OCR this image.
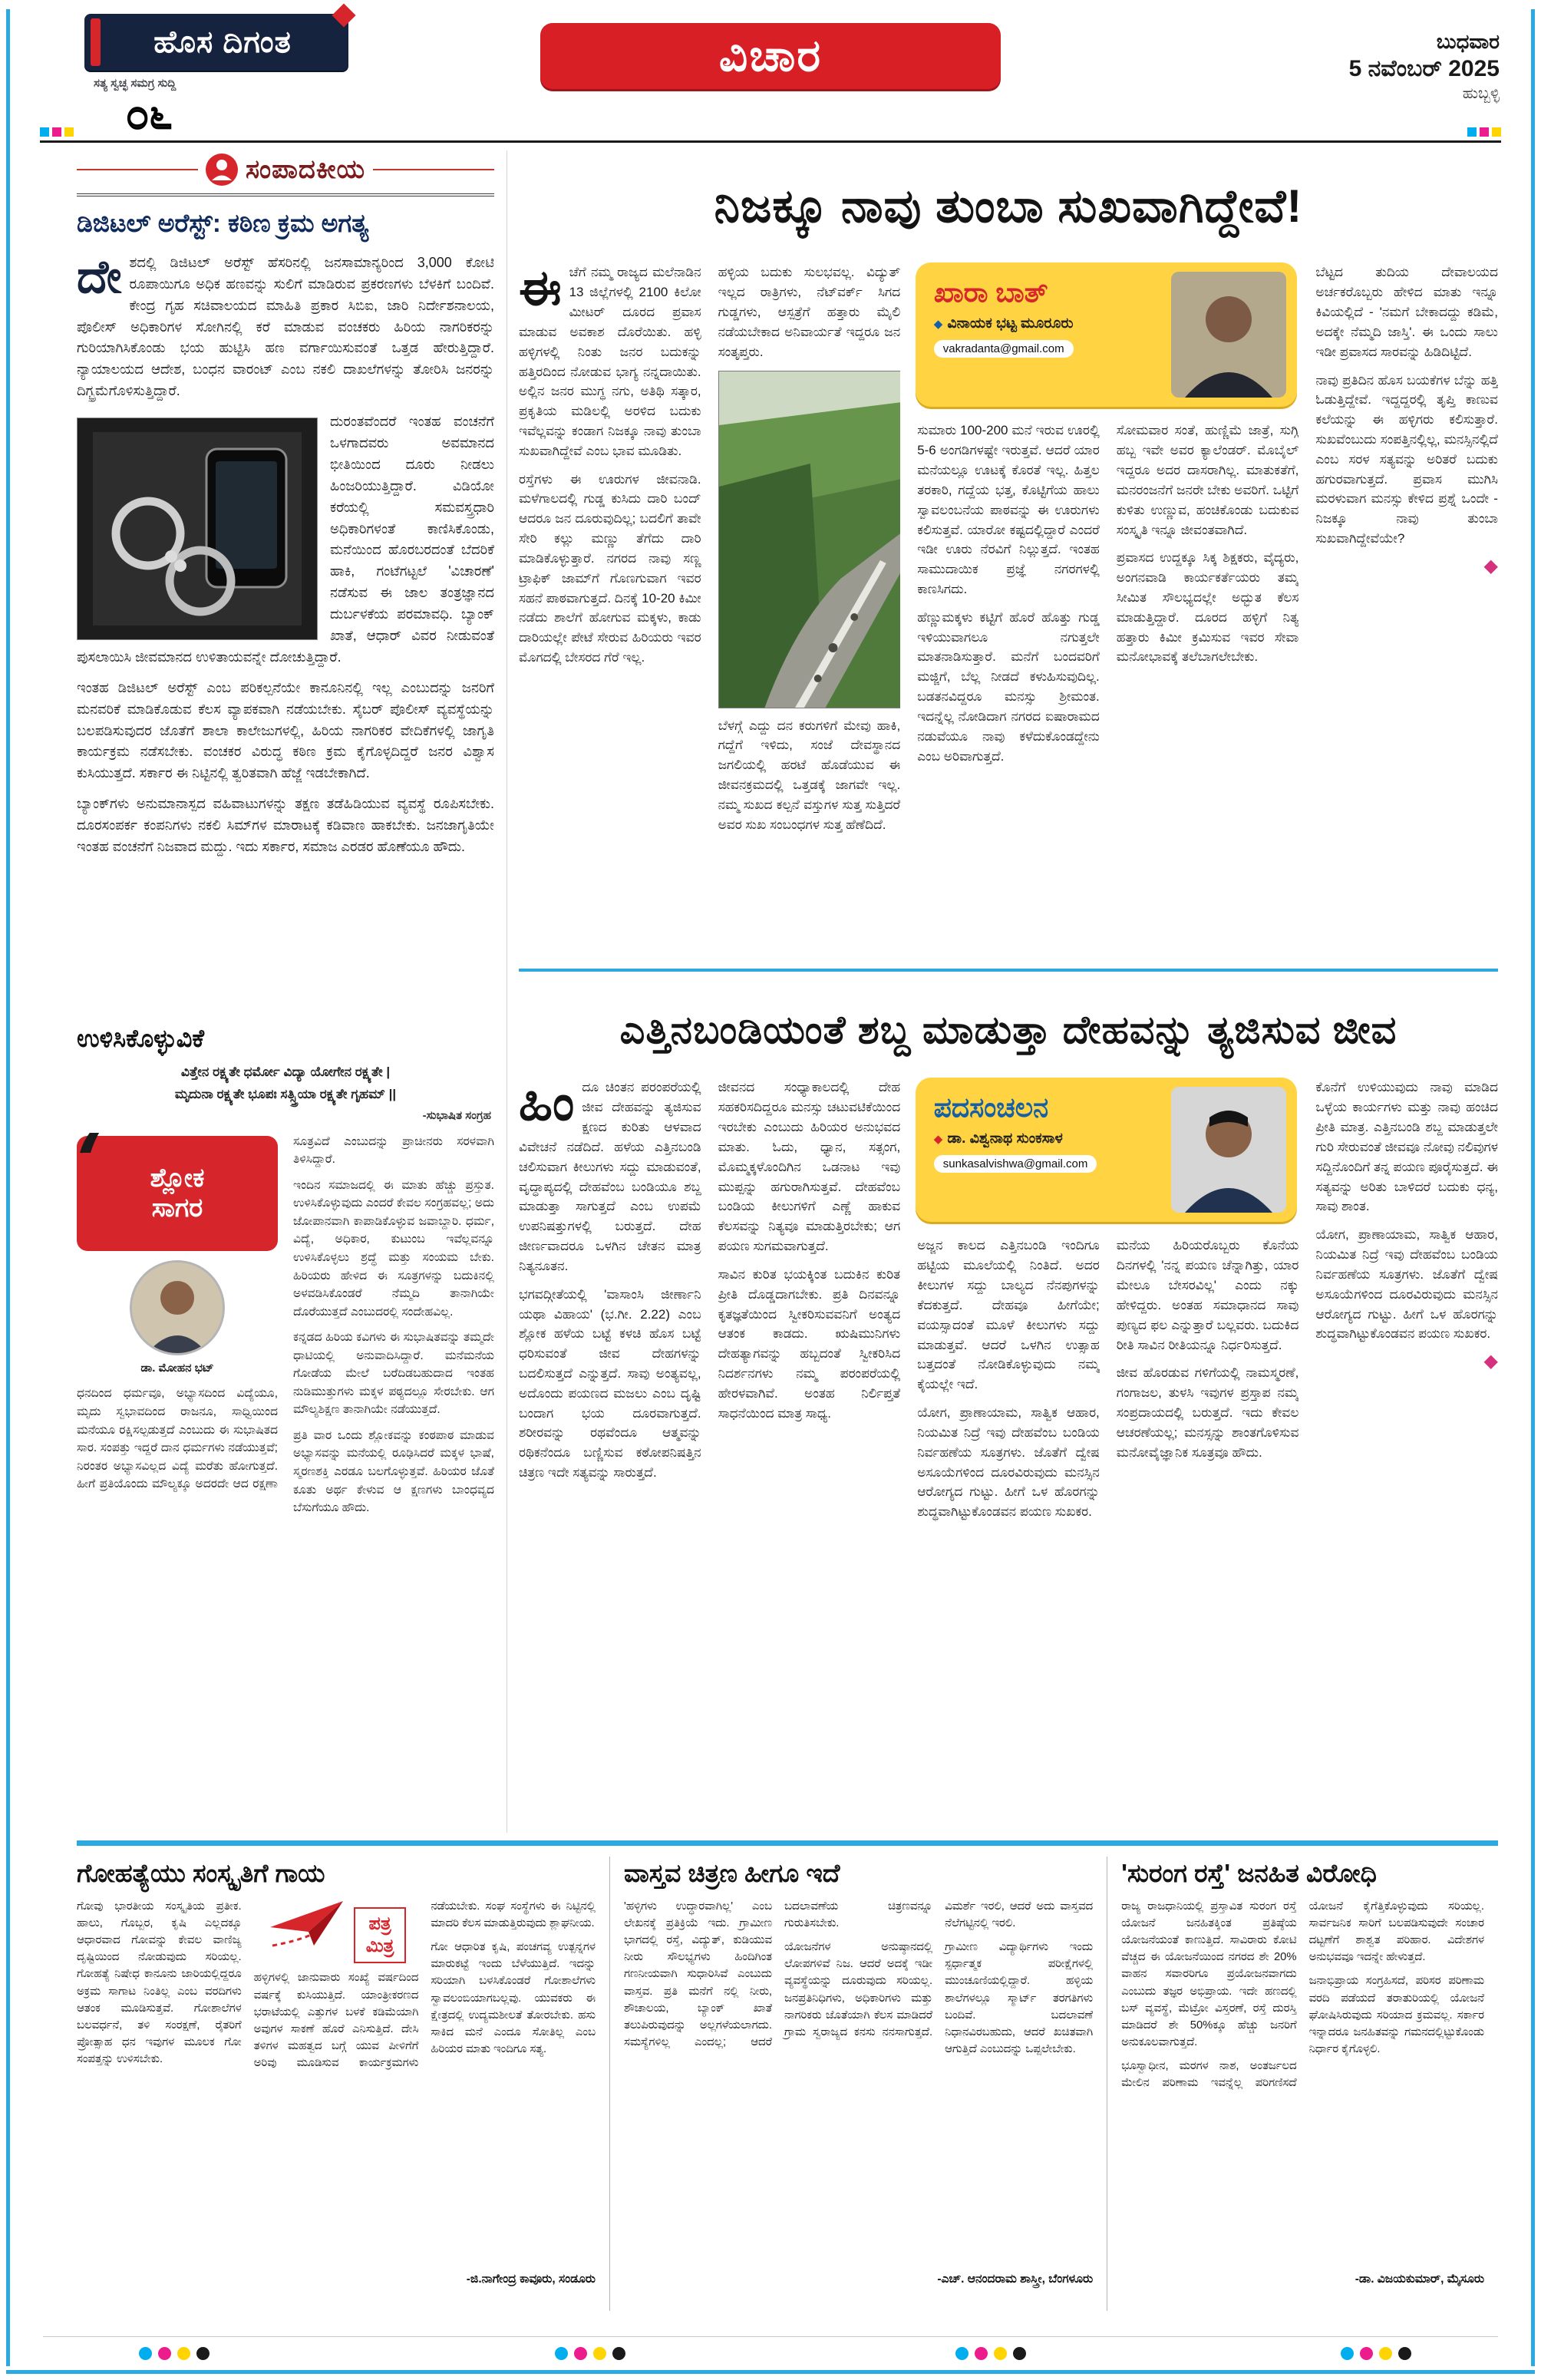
ಹೊಸ ದಿಗಂತ
ಸತ್ಯ ಸ್ವಚ್ಛ ಸಮಗ್ರ ಸುದ್ದಿ
೦೬
ವಿಚಾರ	ಬುಧವಾರ
5 ನವೆಂಬರ್ 2025
ಹುಬ್ಬಳ್ಳಿ
ಸಂಪಾದಕೀಯ
ಡಿಜಿಟಲ್ ಅರೆಸ್ಟ್: ಕಠಿಣ ಕ್ರಮ ಅಗತ್ಯ
ದೇ ಶದಲ್ಲಿ ಡಿಜಿಟಲ್ ಅರೆಸ್ಟ್ ಹೆಸರಿನಲ್ಲಿ ಜನಸಾಮಾನ್ಯರಿಂದ 3,000 ಕೋಟಿ ರೂಪಾಯಿಗೂ ಅಧಿಕ ಹಣವನ್ನು ಸುಲಿಗೆ ಮಾಡಿರುವ ಪ್ರಕರಣಗಳು ಬೆಳಕಿಗೆ ಬಂದಿವೆ. ಕೇಂದ್ರ ಗೃಹ ಸಚಿವಾಲಯದ ಮಾಹಿತಿ ಪ್ರಕಾರ ಸಿಬಿಐ, ಜಾರಿ ನಿರ್ದೇಶನಾಲಯ, ಪೊಲೀಸ್ ಅಧಿಕಾರಿಗಳ ಸೋಗಿನಲ್ಲಿ ಕರೆ ಮಾಡುವ ವಂಚಕರು ಹಿರಿಯ ನಾಗರಿಕರನ್ನು ಗುರಿಯಾಗಿಸಿಕೊಂಡು ಭಯ ಹುಟ್ಟಿಸಿ ಹಣ ವರ್ಗಾಯಿಸುವಂತೆ ಒತ್ತಡ ಹೇರುತ್ತಿದ್ದಾರೆ. ನ್ಯಾಯಾಲಯದ ಆದೇಶ, ಬಂಧನ ವಾರಂಟ್ ಎಂಬ ನಕಲಿ ದಾಖಲೆಗಳನ್ನು ತೋರಿಸಿ ಜನರನ್ನು ದಿಗ್ಭ್ರಮೆಗೊಳಿಸುತ್ತಿದ್ದಾರೆ.

ದುರಂತವೆಂದರೆ ಇಂತಹ ವಂಚನೆಗೆ ಒಳಗಾದವರು ಅವಮಾನದ ಭೀತಿಯಿಂದ ದೂರು ನೀಡಲು ಹಿಂಜರಿಯುತ್ತಿದ್ದಾರೆ. ವಿಡಿಯೋ ಕರೆಯಲ್ಲಿ ಸಮವಸ್ತ್ರಧಾರಿ ಅಧಿಕಾರಿಗಳಂತೆ ಕಾಣಿಸಿಕೊಂಡು, ಮನೆಯಿಂದ ಹೊರಬರದಂತೆ ಬೆದರಿಕೆ ಹಾಕಿ, ಗಂಟೆಗಟ್ಟಲೆ 'ವಿಚಾರಣೆ' ನಡೆಸುವ ಈ ಜಾಲ ತಂತ್ರಜ್ಞಾನದ ದುರ್ಬಳಕೆಯ ಪರಮಾವಧಿ. ಬ್ಯಾಂಕ್ ಖಾತೆ, ಆಧಾರ್ ವಿವರ ನೀಡುವಂತೆ ಪುಸಲಾಯಿಸಿ ಜೀವಮಾನದ ಉಳಿತಾಯವನ್ನೇ ದೋಚುತ್ತಿದ್ದಾರೆ.

ಇಂತಹ ಡಿಜಿಟಲ್ ಅರೆಸ್ಟ್ ಎಂಬ ಪರಿಕಲ್ಪನೆಯೇ ಕಾನೂನಿನಲ್ಲಿ ಇಲ್ಲ ಎಂಬುದನ್ನು ಜನರಿಗೆ ಮನವರಿಕೆ ಮಾಡಿಕೊಡುವ ಕೆಲಸ ವ್ಯಾಪಕವಾಗಿ ನಡೆಯಬೇಕು. ಸೈಬರ್ ಪೊಲೀಸ್ ವ್ಯವಸ್ಥೆಯನ್ನು ಬಲಪಡಿಸುವುದರ ಜೊತೆಗೆ ಶಾಲಾ ಕಾಲೇಜುಗಳಲ್ಲಿ, ಹಿರಿಯ ನಾಗರಿಕರ ವೇದಿಕೆಗಳಲ್ಲಿ ಜಾಗೃತಿ ಕಾರ್ಯಕ್ರಮ ನಡೆಸಬೇಕು. ವಂಚಕರ ವಿರುದ್ಧ ಕಠಿಣ ಕ್ರಮ ಕೈಗೊಳ್ಳದಿದ್ದರೆ ಜನರ ವಿಶ್ವಾಸ ಕುಸಿಯುತ್ತದೆ. ಸರ್ಕಾರ ಈ ನಿಟ್ಟಿನಲ್ಲಿ ತ್ವರಿತವಾಗಿ ಹೆಜ್ಜೆ ಇಡಬೇಕಾಗಿದೆ.

ಬ್ಯಾಂಕ್‌ಗಳು ಅನುಮಾನಾಸ್ಪದ ವಹಿವಾಟುಗಳನ್ನು ತಕ್ಷಣ ತಡೆಹಿಡಿಯುವ ವ್ಯವಸ್ಥೆ ರೂಪಿಸಬೇಕು. ದೂರಸಂಪರ್ಕ ಕಂಪನಿಗಳು ನಕಲಿ ಸಿಮ್‌ಗಳ ಮಾರಾಟಕ್ಕೆ ಕಡಿವಾಣ ಹಾಕಬೇಕು. ಜನಜಾಗೃತಿಯೇ ಇಂತಹ ವಂಚನೆಗೆ ನಿಜವಾದ ಮದ್ದು. ಇದು ಸರ್ಕಾರ, ಸಮಾಜ ಎರಡರ ಹೊಣೆಯೂ ಹೌದು.

ಉಳಿಸಿಕೊಳ್ಳುವಿಕೆ
ವಿತ್ತೇನ ರಕ್ಷ್ಯತೇ ಧರ್ಮೋ ವಿದ್ಯಾ ಯೋಗೇನ ರಕ್ಷ್ಯತೇ |
ಮೃದುನಾ ರಕ್ಷ್ಯತೇ ಭೂಪಃ ಸತ್ಸ್ತ್ರಿಯಾ ರಕ್ಷ್ಯತೇ ಗೃಹಮ್ ||
-ಸುಭಾಷಿತ ಸಂಗ್ರಹ
ಶ್ಲೋಕ
ಸಾಗರ
ಡಾ. ಮೋಹನ ಭಟ್

ಧನದಿಂದ ಧರ್ಮವೂ, ಅಭ್ಯಾಸದಿಂದ ವಿದ್ಯೆಯೂ, ಮೃದು ಸ್ವಭಾವದಿಂದ ರಾಜನೂ, ಸಾಧ್ವಿಯಿಂದ ಮನೆಯೂ ರಕ್ಷಿಸಲ್ಪಡುತ್ತದೆ ಎಂಬುದು ಈ ಸುಭಾಷಿತದ ಸಾರ. ಸಂಪತ್ತು ಇದ್ದರೆ ದಾನ ಧರ್ಮಗಳು ನಡೆಯುತ್ತವೆ; ನಿರಂತರ ಅಭ್ಯಾಸವಿಲ್ಲದ ವಿದ್ಯೆ ಮರೆತು ಹೋಗುತ್ತದೆ. ಹೀಗೆ ಪ್ರತಿಯೊಂದು ಮೌಲ್ಯಕ್ಕೂ ಅದರದೇ ಆದ ರಕ್ಷಣಾ ಸೂತ್ರವಿದೆ ಎಂಬುದನ್ನು ಪ್ರಾಚೀನರು ಸರಳವಾಗಿ ತಿಳಿಸಿದ್ದಾರೆ.

ಇಂದಿನ ಸಮಾಜದಲ್ಲಿ ಈ ಮಾತು ಹೆಚ್ಚು ಪ್ರಸ್ತುತ. ಉಳಿಸಿಕೊಳ್ಳುವುದು ಎಂದರೆ ಕೇವಲ ಸಂಗ್ರಹವಲ್ಲ; ಅದು ಜೋಪಾನವಾಗಿ ಕಾಪಾಡಿಕೊಳ್ಳುವ ಜವಾಬ್ದಾರಿ. ಧರ್ಮ, ವಿದ್ಯೆ, ಅಧಿಕಾರ, ಕುಟುಂಬ ಇವೆಲ್ಲವನ್ನೂ ಉಳಿಸಿಕೊಳ್ಳಲು ಶ್ರದ್ಧೆ ಮತ್ತು ಸಂಯಮ ಬೇಕು. ಹಿರಿಯರು ಹೇಳಿದ ಈ ಸೂತ್ರಗಳನ್ನು ಬದುಕಿನಲ್ಲಿ ಅಳವಡಿಸಿಕೊಂಡರೆ ನೆಮ್ಮದಿ ತಾನಾಗಿಯೇ ದೊರೆಯುತ್ತದೆ ಎಂಬುದರಲ್ಲಿ ಸಂದೇಹವಿಲ್ಲ.

ಕನ್ನಡದ ಹಿರಿಯ ಕವಿಗಳು ಈ ಸುಭಾಷಿತವನ್ನು ತಮ್ಮದೇ ಧಾಟಿಯಲ್ಲಿ ಅನುವಾದಿಸಿದ್ದಾರೆ. ಮನೆಮನೆಯ ಗೋಡೆಯ ಮೇಲೆ ಬರೆದಿಡಬಹುದಾದ ಇಂತಹ ನುಡಿಮುತ್ತುಗಳು ಮಕ್ಕಳ ಪಠ್ಯದಲ್ಲೂ ಸೇರಬೇಕು. ಆಗ ಮೌಲ್ಯಶಿಕ್ಷಣ ತಾನಾಗಿಯೇ ನಡೆಯುತ್ತದೆ.

ಪ್ರತಿ ವಾರ ಒಂದು ಶ್ಲೋಕವನ್ನು ಕಂಠಪಾಠ ಮಾಡುವ ಅಭ್ಯಾಸವನ್ನು ಮನೆಯಲ್ಲಿ ರೂಢಿಸಿದರೆ ಮಕ್ಕಳ ಭಾಷೆ, ಸ್ಮರಣಶಕ್ತಿ ಎರಡೂ ಬಲಗೊಳ್ಳುತ್ತವೆ. ಹಿರಿಯರ ಜೊತೆ ಕೂತು ಅರ್ಥ ಕೇಳುವ ಆ ಕ್ಷಣಗಳು ಬಾಂಧವ್ಯದ ಬೆಸುಗೆಯೂ ಹೌದು.

ನಿಜಕ್ಕೂ ನಾವು ತುಂಬಾ ಸುಖವಾಗಿದ್ದೇವೆ!
ಖಾರಾ ಬಾತ್
◆ ವಿನಾಯಕ ಭಟ್ಟ ಮೂರೂರು
vakradanta@gmail.com
ಈ ಚೆಗೆ ನಮ್ಮ ರಾಜ್ಯದ ಮಲೆನಾಡಿನ 13 ಜಿಲ್ಲೆಗಳಲ್ಲಿ 2100 ಕಿಲೋ ಮೀಟರ್ ದೂರದ ಪ್ರವಾಸ ಮಾಡುವ ಅವಕಾಶ ದೊರೆಯಿತು. ಹಳ್ಳಿ ಹಳ್ಳಿಗಳಲ್ಲಿ ನಿಂತು ಜನರ ಬದುಕನ್ನು ಹತ್ತಿರದಿಂದ ನೋಡುವ ಭಾಗ್ಯ ನನ್ನದಾಯಿತು. ಅಲ್ಲಿನ ಜನರ ಮುಗ್ಧ ನಗು, ಅತಿಥಿ ಸತ್ಕಾರ, ಪ್ರಕೃತಿಯ ಮಡಿಲಲ್ಲಿ ಅರಳಿದ ಬದುಕು ಇವೆಲ್ಲವನ್ನು ಕಂಡಾಗ ನಿಜಕ್ಕೂ ನಾವು ತುಂಬಾ ಸುಖವಾಗಿದ್ದೇವೆ ಎಂಬ ಭಾವ ಮೂಡಿತು.

ರಸ್ತೆಗಳು ಈ ಊರುಗಳ ಜೀವನಾಡಿ. ಮಳೆಗಾಲದಲ್ಲಿ ಗುಡ್ಡ ಕುಸಿದು ದಾರಿ ಬಂದ್ ಆದರೂ ಜನ ದೂರುವುದಿಲ್ಲ; ಬದಲಿಗೆ ತಾವೇ ಸೇರಿ ಕಲ್ಲು ಮಣ್ಣು ತೆಗೆದು ದಾರಿ ಮಾಡಿಕೊಳ್ಳುತ್ತಾರೆ. ನಗರದ ನಾವು ಸಣ್ಣ ಟ್ರಾಫಿಕ್ ಜಾಮ್‌ಗೆ ಗೊಣಗುವಾಗ ಇವರ ಸಹನೆ ಪಾಠವಾಗುತ್ತದೆ. ದಿನಕ್ಕೆ 10-20 ಕಿಮೀ ನಡೆದು ಶಾಲೆಗೆ ಹೋಗುವ ಮಕ್ಕಳು, ಕಾಡು ದಾರಿಯಲ್ಲೇ ಪೇಟೆ ಸೇರುವ ಹಿರಿಯರು ಇವರ ಮೊಗದಲ್ಲಿ ಬೇಸರದ ಗೆರೆ ಇಲ್ಲ.

ಹಳ್ಳಿಯ ಬದುಕು ಸುಲಭವಲ್ಲ. ವಿದ್ಯುತ್ ಇಲ್ಲದ ರಾತ್ರಿಗಳು, ನೆಟ್‌ವರ್ಕ್ ಸಿಗದ ಗುಡ್ಡಗಳು, ಆಸ್ಪತ್ರೆಗೆ ಹತ್ತಾರು ಮೈಲಿ ನಡೆಯಬೇಕಾದ ಅನಿವಾರ್ಯತೆ ಇದ್ದರೂ ಜನ ಸಂತೃಪ್ತರು.

ಬೆಳಗ್ಗೆ ಎದ್ದು ದನ ಕರುಗಳಿಗೆ ಮೇವು ಹಾಕಿ, ಗದ್ದೆಗೆ ಇಳಿದು, ಸಂಜೆ ದೇವಸ್ಥಾನದ ಜಗಲಿಯಲ್ಲಿ ಹರಟೆ ಹೊಡೆಯುವ ಈ ಜೀವನಕ್ರಮದಲ್ಲಿ ಒತ್ತಡಕ್ಕೆ ಜಾಗವೇ ಇಲ್ಲ. ನಮ್ಮ ಸುಖದ ಕಲ್ಪನೆ ವಸ್ತುಗಳ ಸುತ್ತ ಸುತ್ತಿದರೆ ಅವರ ಸುಖ ಸಂಬಂಧಗಳ ಸುತ್ತ ಹೆಣೆದಿದೆ.

ಸುಮಾರು 100-200 ಮನೆ ಇರುವ ಊರಲ್ಲಿ 5-6 ಅಂಗಡಿಗಳಷ್ಟೇ ಇರುತ್ತವೆ. ಆದರೆ ಯಾರ ಮನೆಯಲ್ಲೂ ಊಟಕ್ಕೆ ಕೊರತೆ ಇಲ್ಲ. ಹಿತ್ತಲ ತರಕಾರಿ, ಗದ್ದೆಯ ಭತ್ತ, ಕೊಟ್ಟಿಗೆಯ ಹಾಲು ಸ್ವಾವಲಂಬನೆಯ ಪಾಠವನ್ನು ಈ ಊರುಗಳು ಕಲಿಸುತ್ತವೆ. ಯಾರೋ ಕಷ್ಟದಲ್ಲಿದ್ದಾರೆ ಎಂದರೆ ಇಡೀ ಊರು ನೆರವಿಗೆ ನಿಲ್ಲುತ್ತದೆ. ಇಂತಹ ಸಾಮುದಾಯಿಕ ಪ್ರಜ್ಞೆ ನಗರಗಳಲ್ಲಿ ಕಾಣಸಿಗದು.

ಹೆಣ್ಣುಮಕ್ಕಳು ಕಟ್ಟಿಗೆ ಹೊರೆ ಹೊತ್ತು ಗುಡ್ಡ ಇಳಿಯುವಾಗಲೂ ನಗುತ್ತಲೇ ಮಾತನಾಡಿಸುತ್ತಾರೆ. ಮನೆಗೆ ಬಂದವರಿಗೆ ಮಜ್ಜಿಗೆ, ಬೆಲ್ಲ ನೀಡದೆ ಕಳುಹಿಸುವುದಿಲ್ಲ. ಬಡತನವಿದ್ದರೂ ಮನಸ್ಸು ಶ್ರೀಮಂತ. ಇದನ್ನೆಲ್ಲ ನೋಡಿದಾಗ ನಗರದ ಐಷಾರಾಮದ ನಡುವೆಯೂ ನಾವು ಕಳೆದುಕೊಂಡದ್ದೇನು ಎಂಬ ಅರಿವಾಗುತ್ತದೆ.

ಸೋಮವಾರ ಸಂತೆ, ಹುಣ್ಣಿಮೆ ಜಾತ್ರೆ, ಸುಗ್ಗಿ ಹಬ್ಬ ಇವೇ ಅವರ ಕ್ಯಾಲೆಂಡರ್. ಮೊಬೈಲ್ ಇದ್ದರೂ ಅದರ ದಾಸರಾಗಿಲ್ಲ. ಮಾತುಕತೆಗೆ, ಮನರಂಜನೆಗೆ ಜನರೇ ಬೇಕು ಅವರಿಗೆ. ಒಟ್ಟಿಗೆ ಕುಳಿತು ಉಣ್ಣುವ, ಹಂಚಿಕೊಂಡು ಬದುಕುವ ಸಂಸ್ಕೃತಿ ಇನ್ನೂ ಜೀವಂತವಾಗಿದೆ.

ಪ್ರವಾಸದ ಉದ್ದಕ್ಕೂ ಸಿಕ್ಕ ಶಿಕ್ಷಕರು, ವೈದ್ಯರು, ಅಂಗನವಾಡಿ ಕಾರ್ಯಕರ್ತೆಯರು ತಮ್ಮ ಸೀಮಿತ ಸೌಲಭ್ಯದಲ್ಲೇ ಅದ್ಭುತ ಕೆಲಸ ಮಾಡುತ್ತಿದ್ದಾರೆ. ದೂರದ ಹಳ್ಳಿಗೆ ನಿತ್ಯ ಹತ್ತಾರು ಕಿಮೀ ಕ್ರಮಿಸುವ ಇವರ ಸೇವಾ ಮನೋಭಾವಕ್ಕೆ ತಲೆಬಾಗಲೇಬೇಕು.

ಬೆಟ್ಟದ ತುದಿಯ ದೇವಾಲಯದ ಅರ್ಚಕರೊಬ್ಬರು ಹೇಳಿದ ಮಾತು ಇನ್ನೂ ಕಿವಿಯಲ್ಲಿದೆ - 'ನಮಗೆ ಬೇಕಾದದ್ದು ಕಡಿಮೆ, ಅದಕ್ಕೇ ನೆಮ್ಮದಿ ಜಾಸ್ತಿ'. ಈ ಒಂದು ಸಾಲು ಇಡೀ ಪ್ರವಾಸದ ಸಾರವನ್ನು ಹಿಡಿದಿಟ್ಟಿದೆ.

ನಾವು ಪ್ರತಿದಿನ ಹೊಸ ಬಯಕೆಗಳ ಬೆನ್ನು ಹತ್ತಿ ಓಡುತ್ತಿದ್ದೇವೆ. ಇದ್ದದ್ದರಲ್ಲಿ ತೃಪ್ತಿ ಕಾಣುವ ಕಲೆಯನ್ನು ಈ ಹಳ್ಳಿಗರು ಕಲಿಸುತ್ತಾರೆ. ಸುಖವೆಂಬುದು ಸಂಪತ್ತಿನಲ್ಲಿಲ್ಲ, ಮನಸ್ಸಿನಲ್ಲಿದೆ ಎಂಬ ಸರಳ ಸತ್ಯವನ್ನು ಅರಿತರೆ ಬದುಕು ಹಗುರವಾಗುತ್ತದೆ. ಪ್ರವಾಸ ಮುಗಿಸಿ ಮರಳುವಾಗ ಮನಸ್ಸು ಕೇಳಿದ ಪ್ರಶ್ನೆ ಒಂದೇ - ನಿಜಕ್ಕೂ ನಾವು ತುಂಬಾ ಸುಖವಾಗಿದ್ದೇವೆಯೇ?

◆
ಎತ್ತಿನಬಂಡಿಯಂತೆ ಶಬ್ದ ಮಾಡುತ್ತಾ ದೇಹವನ್ನು ತ್ಯಜಿಸುವ ಜೀವ
ಪದಸಂಚಲನ
◆ ಡಾ. ವಿಶ್ವನಾಥ ಸುಂಕಸಾಳ
sunkasalvishwa@gmail.com
ಹಿಂ ದೂ ಚಿಂತನ ಪರಂಪರೆಯಲ್ಲಿ ಜೀವ ದೇಹವನ್ನು ತ್ಯಜಿಸುವ ಕ್ಷಣದ ಕುರಿತು ಆಳವಾದ ವಿವೇಚನೆ ನಡೆದಿದೆ. ಹಳೆಯ ಎತ್ತಿನಬಂಡಿ ಚಲಿಸುವಾಗ ಕೀಲುಗಳು ಸದ್ದು ಮಾಡುವಂತೆ, ವೃದ್ಧಾಪ್ಯದಲ್ಲಿ ದೇಹವೆಂಬ ಬಂಡಿಯೂ ಶಬ್ದ ಮಾಡುತ್ತಾ ಸಾಗುತ್ತದೆ ಎಂಬ ಉಪಮೆ ಉಪನಿಷತ್ತುಗಳಲ್ಲಿ ಬರುತ್ತದೆ. ದೇಹ ಜೀರ್ಣವಾದರೂ ಒಳಗಿನ ಚೇತನ ಮಾತ್ರ ನಿತ್ಯನೂತನ.

ಭಗವದ್ಗೀತೆಯಲ್ಲಿ 'ವಾಸಾಂಸಿ ಜೀರ್ಣಾನಿ ಯಥಾ ವಿಹಾಯ' (ಭ.ಗೀ. 2.22) ಎಂಬ ಶ್ಲೋಕ ಹಳೆಯ ಬಟ್ಟೆ ಕಳಚಿ ಹೊಸ ಬಟ್ಟೆ ಧರಿಸುವಂತೆ ಜೀವ ದೇಹಗಳನ್ನು ಬದಲಿಸುತ್ತದೆ ಎನ್ನುತ್ತದೆ. ಸಾವು ಅಂತ್ಯವಲ್ಲ, ಅದೊಂದು ಪಯಣದ ಮಜಲು ಎಂಬ ದೃಷ್ಟಿ ಬಂದಾಗ ಭಯ ದೂರವಾಗುತ್ತದೆ. ಶರೀರವನ್ನು ರಥವೆಂದೂ ಆತ್ಮವನ್ನು ರಥಿಕನೆಂದೂ ಬಣ್ಣಿಸುವ ಕಠೋಪನಿಷತ್ತಿನ ಚಿತ್ರಣ ಇದೇ ಸತ್ಯವನ್ನು ಸಾರುತ್ತದೆ.

ಜೀವನದ ಸಂಧ್ಯಾಕಾಲದಲ್ಲಿ ದೇಹ ಸಹಕರಿಸದಿದ್ದರೂ ಮನಸ್ಸು ಚಟುವಟಿಕೆಯಿಂದ ಇರಬೇಕು ಎಂಬುದು ಹಿರಿಯರ ಅನುಭವದ ಮಾತು. ಓದು, ಧ್ಯಾನ, ಸತ್ಸಂಗ, ಮೊಮ್ಮಕ್ಕಳೊಂದಿಗಿನ ಒಡನಾಟ ಇವು ಮುಪ್ಪನ್ನು ಹಗುರಾಗಿಸುತ್ತವೆ. ದೇಹವೆಂಬ ಬಂಡಿಯ ಕೀಲುಗಳಿಗೆ ಎಣ್ಣೆ ಹಾಕುವ ಕೆಲಸವನ್ನು ನಿತ್ಯವೂ ಮಾಡುತ್ತಿರಬೇಕು; ಆಗ ಪಯಣ ಸುಗಮವಾಗುತ್ತದೆ.

ಸಾವಿನ ಕುರಿತ ಭಯಕ್ಕಿಂತ ಬದುಕಿನ ಕುರಿತ ಪ್ರೀತಿ ದೊಡ್ಡದಾಗಬೇಕು. ಪ್ರತಿ ದಿನವನ್ನೂ ಕೃತಜ್ಞತೆಯಿಂದ ಸ್ವೀಕರಿಸುವವನಿಗೆ ಅಂತ್ಯದ ಆತಂಕ ಕಾಡದು. ಋಷಿಮುನಿಗಳು ದೇಹತ್ಯಾಗವನ್ನು ಹಬ್ಬದಂತೆ ಸ್ವೀಕರಿಸಿದ ನಿದರ್ಶನಗಳು ನಮ್ಮ ಪರಂಪರೆಯಲ್ಲಿ ಹೇರಳವಾಗಿವೆ. ಅಂತಹ ನಿರ್ಲಿಪ್ತತೆ ಸಾಧನೆಯಿಂದ ಮಾತ್ರ ಸಾಧ್ಯ.

ಅಜ್ಜನ ಕಾಲದ ಎತ್ತಿನಬಂಡಿ ಇಂದಿಗೂ ಹಟ್ಟಿಯ ಮೂಲೆಯಲ್ಲಿ ನಿಂತಿದೆ. ಅದರ ಕೀಲುಗಳ ಸದ್ದು ಬಾಲ್ಯದ ನೆನಪುಗಳನ್ನು ಕೆದಕುತ್ತದೆ. ದೇಹವೂ ಹೀಗೆಯೇ; ವಯಸ್ಸಾದಂತೆ ಮೂಳೆ ಕೀಲುಗಳು ಸದ್ದು ಮಾಡುತ್ತವೆ. ಆದರೆ ಒಳಗಿನ ಉತ್ಸಾಹ ಬತ್ತದಂತೆ ನೋಡಿಕೊಳ್ಳುವುದು ನಮ್ಮ ಕೈಯಲ್ಲೇ ಇದೆ.

ಯೋಗ, ಪ್ರಾಣಾಯಾಮ, ಸಾತ್ವಿಕ ಆಹಾರ, ನಿಯಮಿತ ನಿದ್ರೆ ಇವು ದೇಹವೆಂಬ ಬಂಡಿಯ ನಿರ್ವಹಣೆಯ ಸೂತ್ರಗಳು. ಜೊತೆಗೆ ದ್ವೇಷ ಅಸೂಯೆಗಳಿಂದ ದೂರವಿರುವುದು ಮನಸ್ಸಿನ ಆರೋಗ್ಯದ ಗುಟ್ಟು. ಹೀಗೆ ಒಳ ಹೊರಗನ್ನು ಶುದ್ಧವಾಗಿಟ್ಟುಕೊಂಡವನ ಪಯಣ ಸುಖಕರ.

ಮನೆಯ ಹಿರಿಯರೊಬ್ಬರು ಕೊನೆಯ ದಿನಗಳಲ್ಲಿ 'ನನ್ನ ಪಯಣ ಚೆನ್ನಾಗಿತ್ತು, ಯಾರ ಮೇಲೂ ಬೇಸರವಿಲ್ಲ' ಎಂದು ನಕ್ಕು ಹೇಳಿದ್ದರು. ಅಂತಹ ಸಮಾಧಾನದ ಸಾವು ಪುಣ್ಯದ ಫಲ ಎನ್ನುತ್ತಾರೆ ಬಲ್ಲವರು. ಬದುಕಿದ ರೀತಿ ಸಾವಿನ ರೀತಿಯನ್ನೂ ನಿರ್ಧರಿಸುತ್ತದೆ.

ಜೀವ ಹೊರಡುವ ಗಳಿಗೆಯಲ್ಲಿ ನಾಮಸ್ಮರಣೆ, ಗಂಗಾಜಲ, ತುಳಸಿ ಇವುಗಳ ಪ್ರಸ್ತಾಪ ನಮ್ಮ ಸಂಪ್ರದಾಯದಲ್ಲಿ ಬರುತ್ತದೆ. ಇದು ಕೇವಲ ಆಚರಣೆಯಲ್ಲ; ಮನಸ್ಸನ್ನು ಶಾಂತಗೊಳಿಸುವ ಮನೋವೈಜ್ಞಾನಿಕ ಸೂತ್ರವೂ ಹೌದು.

ಕೊನೆಗೆ ಉಳಿಯುವುದು ನಾವು ಮಾಡಿದ ಒಳ್ಳೆಯ ಕಾರ್ಯಗಳು ಮತ್ತು ನಾವು ಹಂಚಿದ ಪ್ರೀತಿ ಮಾತ್ರ. ಎತ್ತಿನಬಂಡಿ ಶಬ್ದ ಮಾಡುತ್ತಲೇ ಗುರಿ ಸೇರುವಂತೆ ಜೀವವೂ ನೋವು ನಲಿವುಗಳ ಸದ್ದಿನೊಂದಿಗೆ ತನ್ನ ಪಯಣ ಪೂರೈಸುತ್ತದೆ. ಈ ಸತ್ಯವನ್ನು ಅರಿತು ಬಾಳಿದರೆ ಬದುಕು ಧನ್ಯ, ಸಾವು ಶಾಂತ.

ಯೋಗ, ಪ್ರಾಣಾಯಾಮ, ಸಾತ್ವಿಕ ಆಹಾರ, ನಿಯಮಿತ ನಿದ್ರೆ ಇವು ದೇಹವೆಂಬ ಬಂಡಿಯ ನಿರ್ವಹಣೆಯ ಸೂತ್ರಗಳು. ಜೊತೆಗೆ ದ್ವೇಷ ಅಸೂಯೆಗಳಿಂದ ದೂರವಿರುವುದು ಮನಸ್ಸಿನ ಆರೋಗ್ಯದ ಗುಟ್ಟು. ಹೀಗೆ ಒಳ ಹೊರಗನ್ನು ಶುದ್ಧವಾಗಿಟ್ಟುಕೊಂಡವನ ಪಯಣ ಸುಖಕರ.

◆
ಗೋಹತ್ಯೆಯು ಸಂಸ್ಕೃತಿಗೆ ಗಾಯ

ಗೋವು ಭಾರತೀಯ ಸಂಸ್ಕೃತಿಯ ಪ್ರತೀಕ. ಹಾಲು, ಗೊಬ್ಬರ, ಕೃಷಿ ಎಲ್ಲದಕ್ಕೂ ಆಧಾರವಾದ ಗೋವನ್ನು ಕೇವಲ ವಾಣಿಜ್ಯ ದೃಷ್ಟಿಯಿಂದ ನೋಡುವುದು ಸರಿಯಲ್ಲ. ಗೋಹತ್ಯೆ ನಿಷೇಧ ಕಾನೂನು ಜಾರಿಯಲ್ಲಿದ್ದರೂ ಅಕ್ರಮ ಸಾಗಾಟ ನಿಂತಿಲ್ಲ ಎಂಬ ವರದಿಗಳು ಆತಂಕ ಮೂಡಿಸುತ್ತವೆ. ಗೋಶಾಲೆಗಳ ಬಲವರ್ಧನೆ, ತಳಿ ಸಂರಕ್ಷಣೆ, ರೈತರಿಗೆ ಪ್ರೋತ್ಸಾಹ ಧನ ಇವುಗಳ ಮೂಲಕ ಗೋ ಸಂಪತ್ತನ್ನು ಉಳಿಸಬೇಕು.

ಪತ್ರ
ಮಿತ್ರ

ಹಳ್ಳಿಗಳಲ್ಲಿ ಜಾನುವಾರು ಸಂಖ್ಯೆ ವರ್ಷದಿಂದ ವರ್ಷಕ್ಕೆ ಕುಸಿಯುತ್ತಿದೆ. ಯಾಂತ್ರೀಕರಣದ ಭರಾಟೆಯಲ್ಲಿ ಎತ್ತುಗಳ ಬಳಕೆ ಕಡಿಮೆಯಾಗಿ ಅವುಗಳ ಸಾಕಣೆ ಹೊರೆ ಎನಿಸುತ್ತಿದೆ. ದೇಸಿ ತಳಿಗಳ ಮಹತ್ವದ ಬಗ್ಗೆ ಯುವ ಪೀಳಿಗೆಗೆ ಅರಿವು ಮೂಡಿಸುವ ಕಾರ್ಯಕ್ರಮಗಳು ನಡೆಯಬೇಕು. ಸಂಘ ಸಂಸ್ಥೆಗಳು ಈ ನಿಟ್ಟಿನಲ್ಲಿ ಮಾದರಿ ಕೆಲಸ ಮಾಡುತ್ತಿರುವುದು ಶ್ಲಾಘನೀಯ.

ಗೋ ಆಧಾರಿತ ಕೃಷಿ, ಪಂಚಗವ್ಯ ಉತ್ಪನ್ನಗಳ ಮಾರುಕಟ್ಟೆ ಇಂದು ಬೆಳೆಯುತ್ತಿದೆ. ಇದನ್ನು ಸರಿಯಾಗಿ ಬಳಸಿಕೊಂಡರೆ ಗೋಶಾಲೆಗಳು ಸ್ವಾವಲಂಬಿಯಾಗಬಲ್ಲವು. ಯುವಕರು ಈ ಕ್ಷೇತ್ರದಲ್ಲಿ ಉದ್ಯಮಶೀಲತೆ ತೋರಬೇಕು. ಹಸು ಸಾಕಿದ ಮನೆ ಎಂದೂ ಸೋತಿಲ್ಲ ಎಂಬ ಹಿರಿಯರ ಮಾತು ಇಂದಿಗೂ ಸತ್ಯ.

-ಜಿ.ನಾಗೇಂದ್ರ ಕಾವೂರು, ಸಂಡೂರು
ವಾಸ್ತವ ಚಿತ್ರಣ ಹೀಗೂ ಇದೆ

'ಹಳ್ಳಿಗಳು ಉದ್ಧಾರವಾಗಿಲ್ಲ' ಎಂಬ ಲೇಖನಕ್ಕೆ ಪ್ರತಿಕ್ರಿಯೆ ಇದು. ಗ್ರಾಮೀಣ ಭಾಗದಲ್ಲಿ ರಸ್ತೆ, ವಿದ್ಯುತ್, ಕುಡಿಯುವ ನೀರು ಸೌಲಭ್ಯಗಳು ಹಿಂದಿಗಿಂತ ಗಣನೀಯವಾಗಿ ಸುಧಾರಿಸಿವೆ ಎಂಬುದು ವಾಸ್ತವ. ಪ್ರತಿ ಮನೆಗೆ ನಲ್ಲಿ ನೀರು, ಶೌಚಾಲಯ, ಬ್ಯಾಂಕ್ ಖಾತೆ ತಲುಪಿರುವುದನ್ನು ಅಲ್ಲಗಳೆಯಲಾಗದು. ಸಮಸ್ಯೆಗಳಿಲ್ಲ ಎಂದಲ್ಲ; ಆದರೆ ಬದಲಾವಣೆಯ ಚಿತ್ರಣವನ್ನೂ ಗುರುತಿಸಬೇಕು.

ಯೋಜನೆಗಳ ಅನುಷ್ಠಾನದಲ್ಲಿ ಲೋಪಗಳಿವೆ ನಿಜ. ಆದರೆ ಅದಕ್ಕೆ ಇಡೀ ವ್ಯವಸ್ಥೆಯನ್ನು ದೂರುವುದು ಸರಿಯಲ್ಲ. ಜನಪ್ರತಿನಿಧಿಗಳು, ಅಧಿಕಾರಿಗಳು ಮತ್ತು ನಾಗರಿಕರು ಜೊತೆಯಾಗಿ ಕೆಲಸ ಮಾಡಿದರೆ ಗ್ರಾಮ ಸ್ವರಾಜ್ಯದ ಕನಸು ನನಸಾಗುತ್ತದೆ. ವಿಮರ್ಶೆ ಇರಲಿ, ಆದರೆ ಅದು ವಾಸ್ತವದ ನೆಲೆಗಟ್ಟಿನಲ್ಲಿ ಇರಲಿ.

ಗ್ರಾಮೀಣ ವಿದ್ಯಾರ್ಥಿಗಳು ಇಂದು ಸ್ಪರ್ಧಾತ್ಮಕ ಪರೀಕ್ಷೆಗಳಲ್ಲಿ ಮುಂಚೂಣಿಯಲ್ಲಿದ್ದಾರೆ. ಹಳ್ಳಿಯ ಶಾಲೆಗಳಲ್ಲೂ ಸ್ಮಾರ್ಟ್ ತರಗತಿಗಳು ಬಂದಿವೆ. ಬದಲಾವಣೆ ನಿಧಾನವಿರಬಹುದು, ಆದರೆ ಖಚಿತವಾಗಿ ಆಗುತ್ತಿದೆ ಎಂಬುದನ್ನು ಒಪ್ಪಲೇಬೇಕು.

-ಎಚ್. ಆನಂದರಾಮ ಶಾಸ್ತ್ರೀ, ಬೆಂಗಳೂರು
'ಸುರಂಗ ರಸ್ತೆ' ಜನಹಿತ ವಿರೋಧಿ

ರಾಜ್ಯ ರಾಜಧಾನಿಯಲ್ಲಿ ಪ್ರಸ್ತಾವಿತ ಸುರಂಗ ರಸ್ತೆ ಯೋಜನೆ ಜನಹಿತಕ್ಕಿಂತ ಪ್ರತಿಷ್ಠೆಯ ಯೋಜನೆಯಂತೆ ಕಾಣುತ್ತಿದೆ. ಸಾವಿರಾರು ಕೋಟಿ ವೆಚ್ಚದ ಈ ಯೋಜನೆಯಿಂದ ನಗರದ ಶೇ 20% ವಾಹನ ಸವಾರರಿಗೂ ಪ್ರಯೋಜನವಾಗದು ಎಂಬುದು ತಜ್ಞರ ಅಭಿಪ್ರಾಯ. ಇದೇ ಹಣದಲ್ಲಿ ಬಸ್ ವ್ಯವಸ್ಥೆ, ಮೆಟ್ರೋ ವಿಸ್ತರಣೆ, ರಸ್ತೆ ದುರಸ್ತಿ ಮಾಡಿದರೆ ಶೇ 50%ಕ್ಕೂ ಹೆಚ್ಚು ಜನರಿಗೆ ಅನುಕೂಲವಾಗುತ್ತದೆ.

ಭೂಸ್ವಾಧೀನ, ಮರಗಳ ನಾಶ, ಅಂತರ್ಜಲದ ಮೇಲಿನ ಪರಿಣಾಮ ಇವನ್ನೆಲ್ಲ ಪರಿಗಣಿಸದೆ ಯೋಜನೆ ಕೈಗೆತ್ತಿಕೊಳ್ಳುವುದು ಸರಿಯಲ್ಲ. ಸಾರ್ವಜನಿಕ ಸಾರಿಗೆ ಬಲಪಡಿಸುವುದೇ ಸಂಚಾರ ದಟ್ಟಣೆಗೆ ಶಾಶ್ವತ ಪರಿಹಾರ. ವಿದೇಶಗಳ ಅನುಭವವೂ ಇದನ್ನೇ ಹೇಳುತ್ತದೆ.

ಜನಾಭಿಪ್ರಾಯ ಸಂಗ್ರಹಿಸದೆ, ಪರಿಸರ ಪರಿಣಾಮ ವರದಿ ಪಡೆಯದೆ ತರಾತುರಿಯಲ್ಲಿ ಯೋಜನೆ ಘೋಷಿಸಿರುವುದು ಸರಿಯಾದ ಕ್ರಮವಲ್ಲ. ಸರ್ಕಾರ ಇನ್ನಾದರೂ ಜನಹಿತವನ್ನು ಗಮನದಲ್ಲಿಟ್ಟುಕೊಂಡು ನಿರ್ಧಾರ ಕೈಗೊಳ್ಳಲಿ.

-ಡಾ. ವಿಜಯಕುಮಾರ್, ಮೈಸೂರು
